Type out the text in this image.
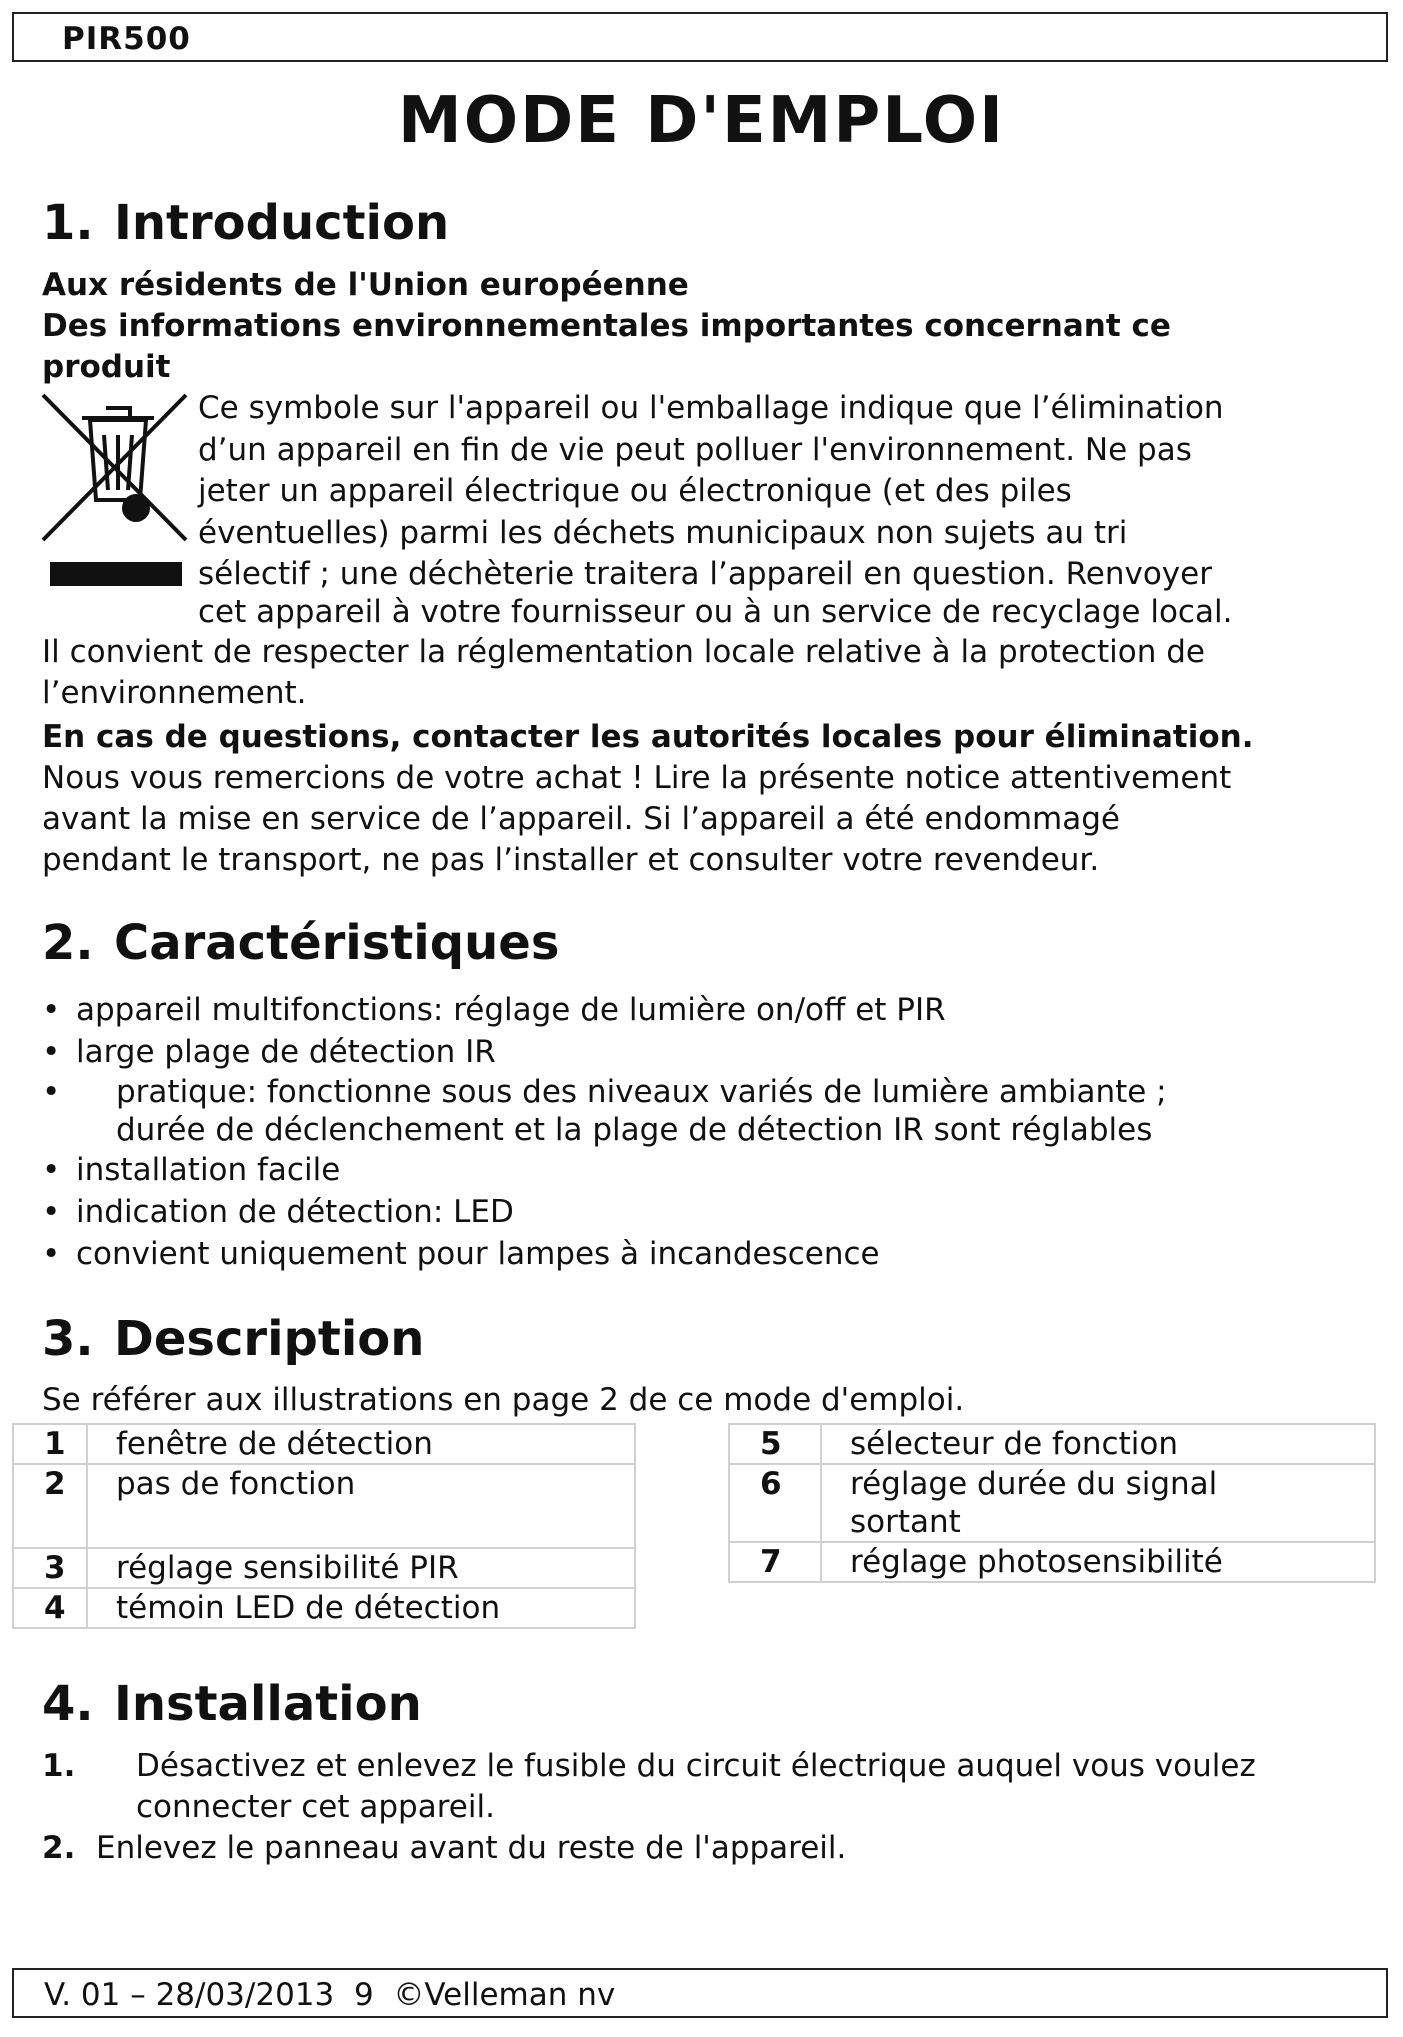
PIR500
MODE D'EMPLOI
1. Introduction

Aux résidents de l'Union européenne

Des informations environnementales importantes concernant ce

produit

Ce symbole sur l'appareil ou l'emballage indique que l’élimination
d’un appareil en fin de vie peut polluer l'environnement. Ne pas
jeter un appareil électrique ou électronique (et des piles
éventuelles) parmi les déchets municipaux non sujets au tri
sélectif ; une déchèterie traitera l’appareil en question. Renvoyer
cet appareil à votre fournisseur ou à un service de recyclage local.

Il convient de respecter la réglementation locale relative à la protection de

l’environnement.

En cas de questions, contacter les autorités locales pour élimination.

Nous vous remercions de votre achat ! Lire la présente notice attentivement

avant la mise en service de l’appareil. Si l’appareil a été endommagé

pendant le transport, ne pas l’installer et consulter votre revendeur.

2. Caractéristiques
• appareil multifonctions: réglage de lumière on/off et PIR
• large plage de détection IR
• pratique: fonctionne sous des niveaux variés de lumière ambiante ;
durée de déclenchement et la plage de détection IR sont réglables
• installation facile
• indication de détection: LED
• convient uniquement pour lampes à incandescence
3. Description

Se référer aux illustrations en page 2 de ce mode d'emploi.

1	fenêtre de détection
2	pas de fonction
3	réglage sensibilité PIR
4	témoin LED de détection
5	sélecteur de fonction
6	réglage durée du signal
sortant
7	réglage photosensibilité
4. Installation
1. Désactivez et enlevez le fusible du circuit électrique auquel vous voulez
connecter cet appareil.
2. Enlevez le panneau avant du reste de l'appareil.
V. 01 – 28/03/2013  9  ©Velleman nv
